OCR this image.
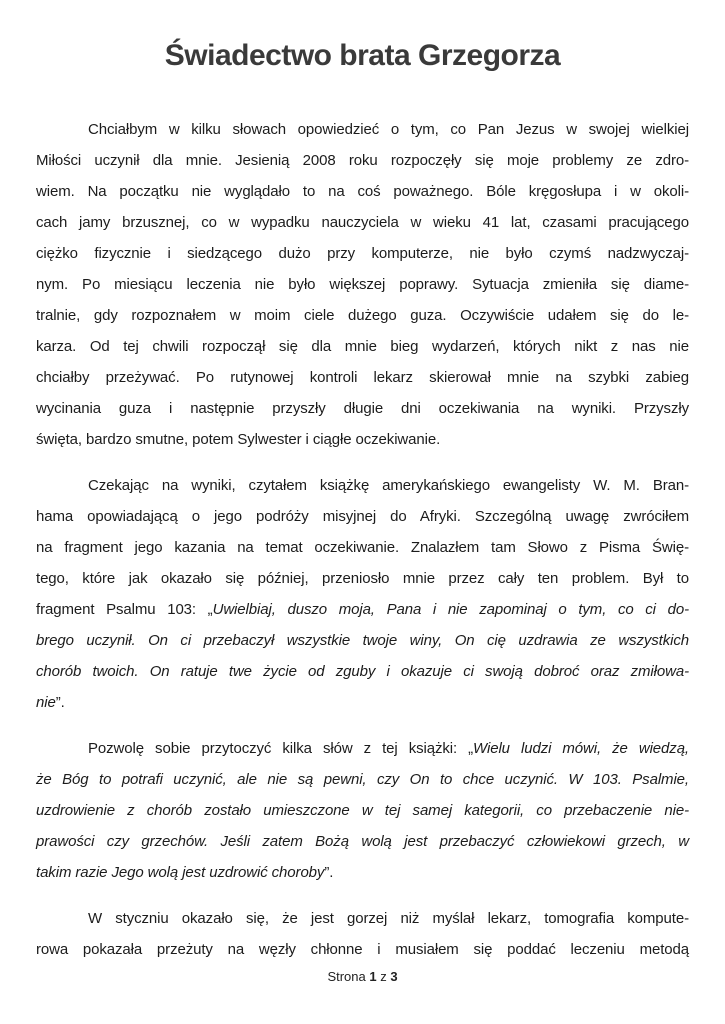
Świadectwo brata Grzegorza
Chciałbym w kilku słowach opowiedzieć o tym, co Pan Jezus w swojej wielkiej
Miłości uczynił dla mnie. Jesienią 2008 roku rozpoczęły się moje problemy ze zdro-
wiem. Na początku nie wyglądało to na coś poważnego. Bóle kręgosłupa i w okoli-
cach jamy brzusznej, co w wypadku nauczyciela w wieku 41 lat, czasami pracującego
ciężko fizycznie i siedzącego dużo przy komputerze, nie było czymś nadzwyczaj-
nym. Po miesiącu leczenia nie było większej poprawy. Sytuacja zmieniła się diame-
tralnie, gdy rozpoznałem w moim ciele dużego guza. Oczywiście udałem się do le-
karza. Od tej chwili rozpoczął się dla mnie bieg wydarzeń, których nikt z nas nie
chciałby przeżywać. Po rutynowej kontroli lekarz skierował mnie na szybki zabieg
wycinania guza i następnie przyszły długie dni oczekiwania na wyniki. Przyszły
święta, bardzo smutne, potem Sylwester i ciągłe oczekiwanie.
Czekając na wyniki, czytałem książkę amerykańskiego ewangelisty W. M. Bran-
hama opowiadającą o jego podróży misyjnej do Afryki. Szczególną uwagę zwróciłem
na fragment jego kazania na temat oczekiwanie. Znalazłem tam Słowo z Pisma Świę-
tego, które jak okazało się później, przeniosło mnie przez cały ten problem. Był to
fragment Psalmu 103: „Uwielbiaj, duszo moja, Pana i nie zapominaj o tym, co ci do-
brego uczynił. On ci przebaczył wszystkie twoje winy, On cię uzdrawia ze wszystkich
chorób twoich. On ratuje twe życie od zguby i okazuje ci swoją dobroć oraz zmiłowa-
nie”.
Pozwolę sobie przytoczyć kilka słów z tej książki: „Wielu ludzi mówi, że wiedzą,
że Bóg to potrafi uczynić, ale nie są pewni, czy On to chce uczynić. W 103. Psalmie,
uzdrowienie z chorób zostało umieszczone w tej samej kategorii, co przebaczenie nie-
prawości czy grzechów. Jeśli zatem Bożą wolą jest przebaczyć człowiekowi grzech, w
takim razie Jego wolą jest uzdrowić choroby”.
W styczniu okazało się, że jest gorzej niż myślał lekarz, tomografia kompute-
rowa pokazała przeżuty na węzły chłonne i musiałem się poddać leczeniu metodą
Strona 1 z 3
